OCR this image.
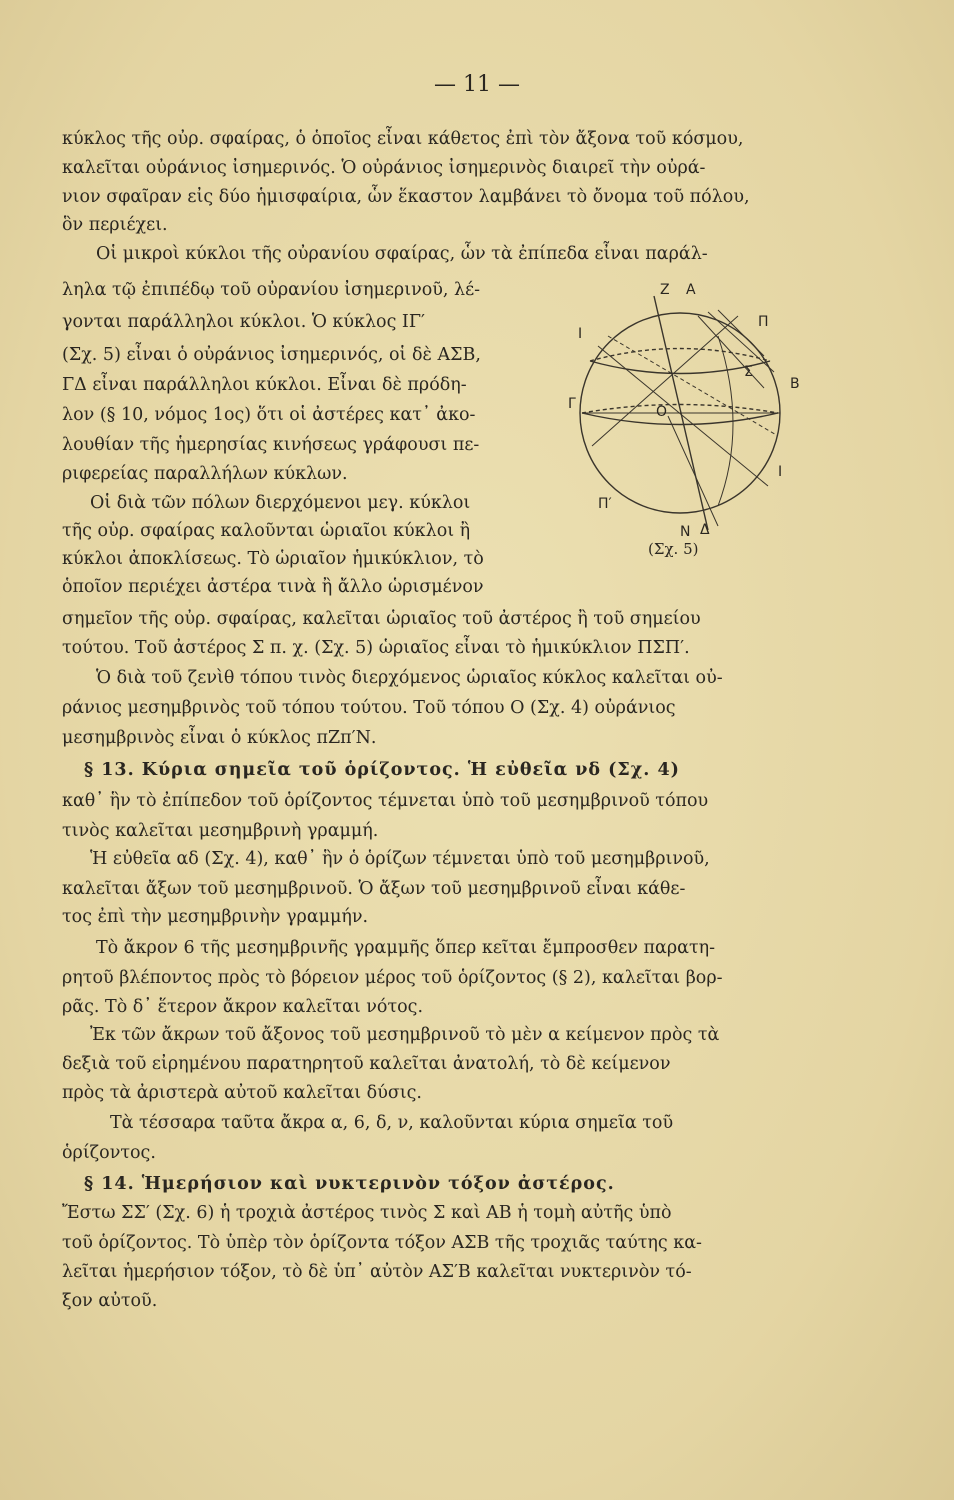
— 11 —
κύκλος τῆς οὐρ. σφαίρας, ὁ ὁποῖος εἶναι κάθετος ἐπὶ τὸν ἄξονα τοῦ κόσμου,
καλεῖται οὐράνιος ἰσημερινός. Ὁ οὐράνιος ἰσημερινὸς διαιρεῖ τὴν οὐρά-
νιον σφαῖραν εἰς δύο ἡμισφαίρια, ὧν ἕκαστον λαμβάνει τὸ ὄνομα τοῦ πόλου,
ὃν περιέχει.
Οἱ μικροὶ κύκλοι τῆς οὐρανίου σφαίρας, ὧν τὰ ἐπίπεδα εἶναι παράλ-
ληλα τῷ ἐπιπέδῳ τοῦ οὐρανίου ἰσημερινοῦ, λέ-
γονται παράλληλοι κύκλοι. Ὁ κύκλος ΙΓ′
(Σχ. 5) εἶναι ὁ οὐράνιος ἰσημερινός, οἱ δὲ ΑΣΒ,
ΓΔ εἶναι παράλληλοι κύκλοι. Εἶναι δὲ πρόδη-
λον (§ 10, νόμος 1ος) ὅτι οἱ ἀστέρες κατ᾽ ἀκο-
λουθίαν τῆς ἡμερησίας κινήσεως γράφουσι πε-
ριφερείας παραλλήλων κύκλων.
Οἱ διὰ τῶν πόλων διερχόμενοι μεγ. κύκλοι
τῆς οὐρ. σφαίρας καλοῦνται ὡριαῖοι κύκλοι ἢ
κύκλοι ἀποκλίσεως. Τὸ ὡριαῖον ἡμικύκλιον, τὸ
ὁποῖον περιέχει ἀστέρα τινὰ ἢ ἄλλο ὡρισμένον
σημεῖον τῆς οὐρ. σφαίρας, καλεῖται ὡριαῖος τοῦ ἀστέρος ἢ τοῦ σημείου
τούτου. Τοῦ ἀστέρος Σ π. χ. (Σχ. 5) ὡριαῖος εἶναι τὸ ἡμικύκλιον ΠΣΠ′.
Ὁ διὰ τοῦ ζενὶθ τόπου τινὸς διερχόμενος ὡριαῖος κύκλος καλεῖται οὐ-
ράνιος μεσημβρινὸς τοῦ τόπου τούτου. Τοῦ τόπου Ο (Σχ. 4) οὐράνιος
μεσημβρινὸς εἶναι ὁ κύκλος πΖπ′Ν.
§ 13. Κύρια σημεῖα τοῦ ὁρίζοντος. Ἡ εὐθεῖα νδ (Σχ. 4)
καθ᾽ ἣν τὸ ἐπίπεδον τοῦ ὁρίζοντος τέμνεται ὑπὸ τοῦ μεσημβρινοῦ τόπου
τινὸς καλεῖται μεσημβρινὴ γραμμή.
Ἡ εὐθεῖα αδ (Σχ. 4), καθ᾽ ἣν ὁ ὁρίζων τέμνεται ὑπὸ τοῦ μεσημβρινοῦ,
καλεῖται ἄξων τοῦ μεσημβρινοῦ. Ὁ ἄξων τοῦ μεσημβρινοῦ εἶναι κάθε-
τος ἐπὶ τὴν μεσημβρινὴν γραμμήν.
Τὸ ἄκρον 6 τῆς μεσημβρινῆς γραμμῆς ὅπερ κεῖται ἔμπροσθεν παρατη-
ρητοῦ βλέποντος πρὸς τὸ βόρειον μέρος τοῦ ὁρίζοντος (§ 2), καλεῖται βορ-
ρᾶς. Τὸ δ᾽ ἕτερον ἄκρον καλεῖται νότος.
Ἐκ τῶν ἄκρων τοῦ ἄξονος τοῦ μεσημβρινοῦ τὸ μὲν α κείμενον πρὸς τὰ
δεξιὰ τοῦ εἰρημένου παρατηρητοῦ καλεῖται ἀνατολή, τὸ δὲ κείμενον
πρὸς τὰ ἀριστερὰ αὐτοῦ καλεῖται δύσις.
Τὰ τέσσαρα ταῦτα ἄκρα α, 6, δ, ν, καλοῦνται κύρια σημεῖα τοῦ
ὁρίζοντος.
§ 14. Ἡμερήσιον καὶ νυκτερινὸν τόξον ἀστέρος.
Ἔστω ΣΣ′ (Σχ. 6) ἡ τροχιὰ ἀστέρος τινὸς Σ καὶ ΑΒ ἡ τομὴ αὐτῆς ὑπὸ
τοῦ ὁρίζοντος. Τὸ ὑπὲρ τὸν ὁρίζοντα τόξον ΑΣΒ τῆς τροχιᾶς ταύτης κα-
λεῖται ἡμερήσιον τόξον, τὸ δὲ ὑπ᾽ αὐτὸν ΑΣ′Β καλεῖται νυκτερινὸν τό-
ξον αὐτοῦ.
Ζ Α
Π
Ι
Σ
Β
Ο
Γ
Ι
Π′
Ν Δ
(Σχ. 5)
